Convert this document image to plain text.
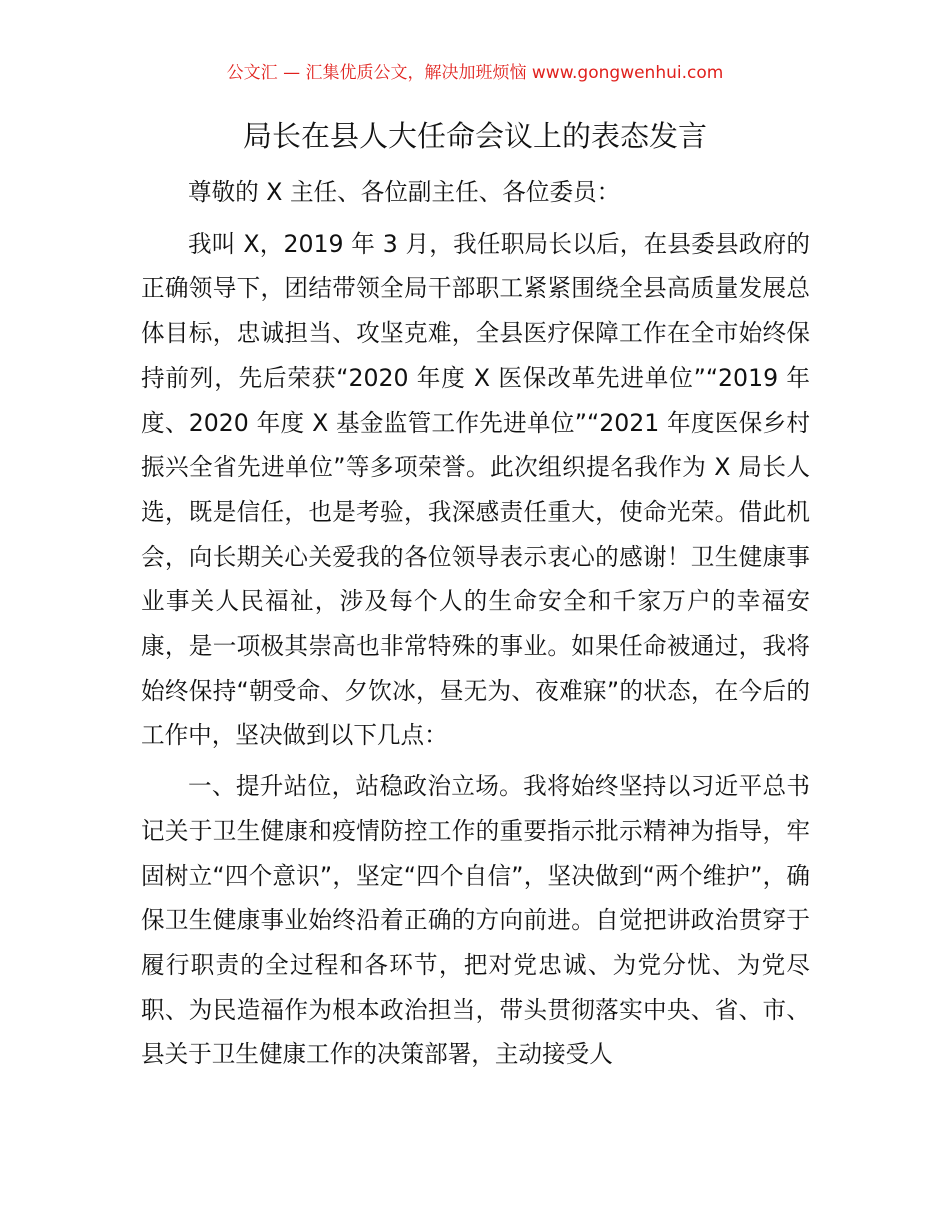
公文汇 — 汇集优质公文，解决加班烦恼 www.gongwenhui.com
局长在县人大任命会议上的表态发言

尊敬的 X 主任、各位副主任、各位委员：

我叫 X，2019 年 3 月，我任职局长以后，在县委县政府的正确领导下，团结带领全局干部职工紧紧围绕全县高质量发展总体目标，忠诚担当、攻坚克难，全县医疗保障工作在全市始终保持前列，先后荣获“2020 年度 X 医保改革先进单位”“2019 年度、2020 年度 X 基金监管工作先进单位”“2021 年度医保乡村振兴全省先进单位”等多项荣誉。此次组织提名我作为 X 局长人选，既是信任，也是考验，我深感责任重大，使命光荣。借此机会，向长期关心关爱我的各位领导表示衷心的感谢！卫生健康事业事关人民福祉，涉及每个人的生命安全和千家万户的幸福安康，是一项极其崇高也非常特殊的事业。如果任命被通过，我将始终保持“朝受命、夕饮冰，昼无为、夜难寐”的状态，在今后的工作中，坚决做到以下几点：

一、提升站位，站稳政治立场。我将始终坚持以习近平总书记关于卫生健康和疫情防控工作的重要指示批示精神为指导，牢固树立“四个意识”，坚定“四个自信”，坚决做到“两个维护”，确保卫生健康事业始终沿着正确的方向前进。自觉把讲政治贯穿于履行职责的全过程和各环节，把对党忠诚、为党分忧、为党尽职、为民造福作为根本政治担当，带头贯彻落实中央、省、市、县关于卫生健康工作的决策部署，主动接受人
